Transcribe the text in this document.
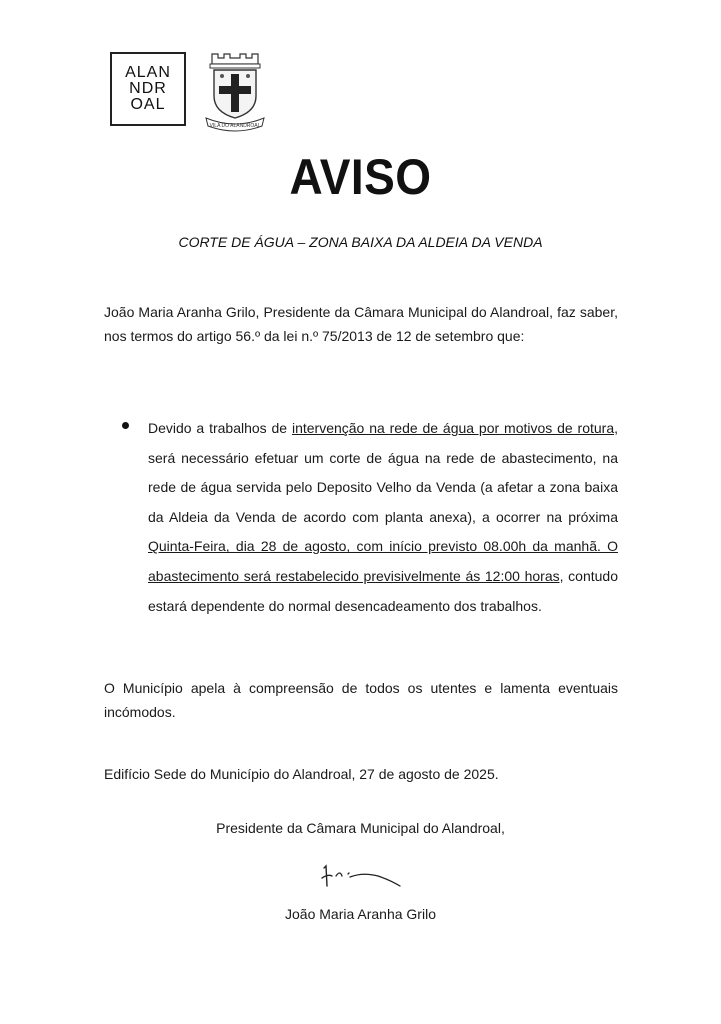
ALAN
NDR
OAL
VILA DO ALANDROAL
AVISO
CORTE DE ÁGUA – ZONA BAIXA DA ALDEIA DA VENDA
João Maria Aranha Grilo, Presidente da Câmara Municipal do Alandroal, faz saber, nos termos do artigo 56.º da lei n.º 75/2013 de 12 de setembro que:
Devido a trabalhos de intervenção na rede de água por motivos de rotura, será necessário efetuar um corte de água na rede de abastecimento, na rede de água servida pelo Deposito Velho da Venda (a afetar a zona baixa da Aldeia da Venda de acordo com planta anexa), a ocorrer na próxima Quinta-Feira, dia 28 de agosto, com início previsto 08.00h da manhã. O abastecimento será restabelecido previsivelmente ás 12:00 horas, contudo estará dependente do normal desencadeamento dos trabalhos.
O Município apela à compreensão de todos os utentes e lamenta eventuais incómodos.
Edifício Sede do Município do Alandroal, 27 de agosto de 2025.
Presidente da Câmara Municipal do Alandroal,
João Maria Aranha Grilo
